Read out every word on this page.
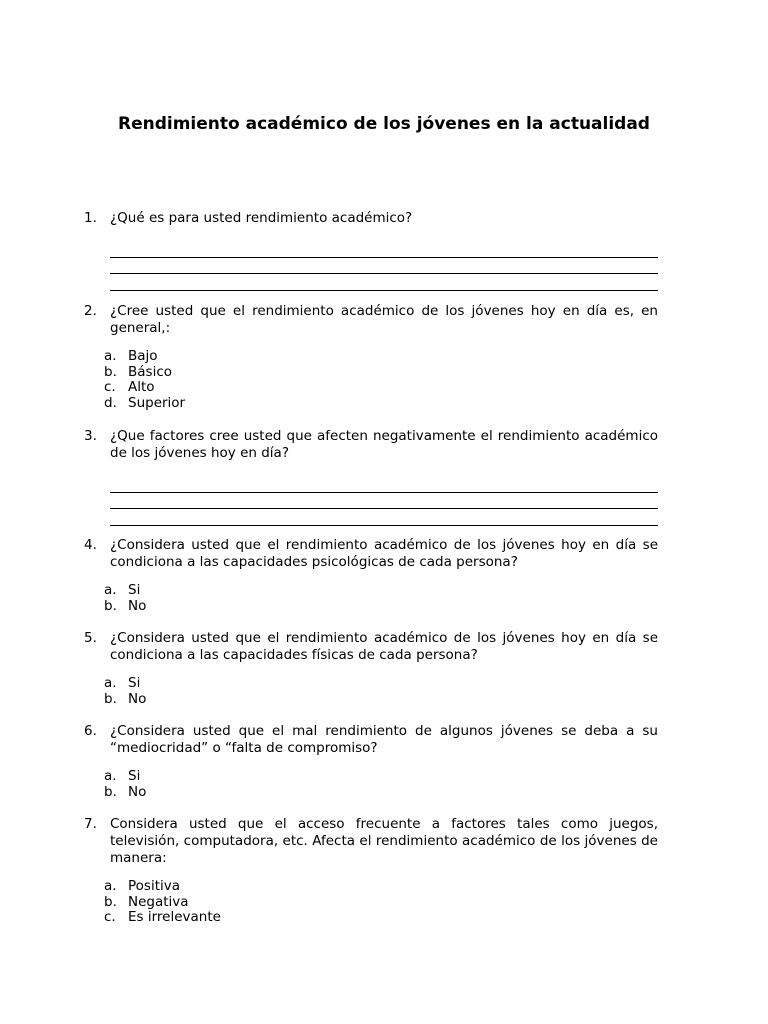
Rendimiento académico de los jóvenes en la actualidad
1. ¿Qué es para usted rendimiento académico?
2. ¿Cree usted que el rendimiento académico de los jóvenes hoy en día es, en general,:
a. Bajo
b. Básico
c. Alto
d. Superior
3. ¿Que factores cree usted que afecten negativamente el rendimiento académico de los jóvenes hoy en día?
4. ¿Considera usted que el rendimiento académico de los jóvenes hoy en día se condiciona a las capacidades psicológicas de cada persona?
a. Si
b. No
5. ¿Considera usted que el rendimiento académico de los jóvenes hoy en día se condiciona a las capacidades físicas de cada persona?
a. Si
b. No
6. ¿Considera usted que el mal rendimiento de algunos jóvenes se deba a su “mediocridad” o “falta de compromiso?
a. Si
b. No
7. Considera usted que el acceso frecuente a factores tales como juegos, televisión, computadora, etc. Afecta el rendimiento académico de los jóvenes de manera:
a. Positiva
b. Negativa
c. Es irrelevante
